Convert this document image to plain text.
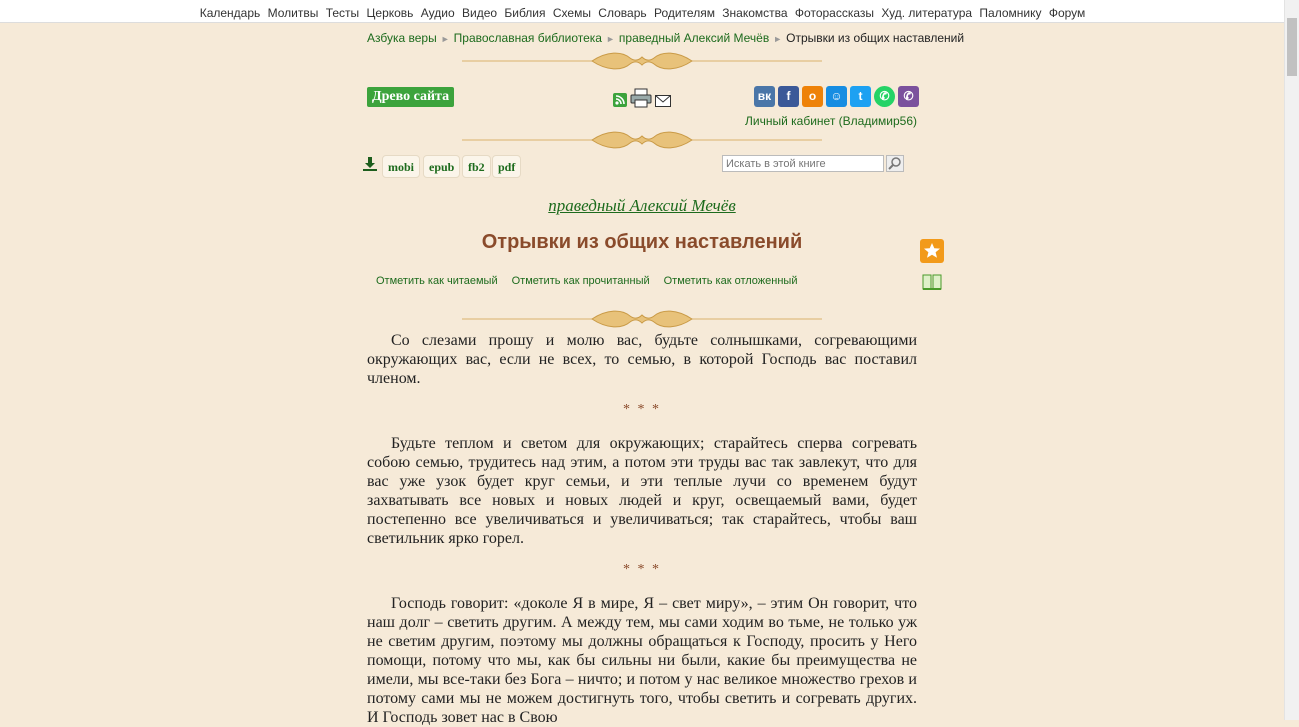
Календарь Молитвы Тесты Церковь Аудио Видео Библия Схемы Словарь Родителям Знакомства Фоторассказы Худ. литература Паломнику Форум
Азбука веры ► Православная библиотека ► праведный Алексий Мечёв ► Отрывки из общих наставлений
Древо сайта	вк	f	о	☺	t	✆	✆
Личный кабинет (Владимир56)
mobi	epub	fb2	pdf
Искать в этой книге
праведный Алексий Мечёв
Отрывки из общих наставлений
Отметить как читаемый Отметить как прочитанный Отметить как отложенный

Со слезами прошу и молю вас, будьте солнышками, согревающими окружающих вас, если не всех, то семью, в которой Господь вас поставил членом.

* * *

Будьте теплом и светом для окружающих; старайтесь сперва согревать собою семью, трудитесь над этим, а потом эти труды вас так завлекут, что для вас уже узок будет круг семьи, и эти теплые лучи со временем будут захватывать все новых и новых людей и круг, освещаемый вами, будет постепенно все увеличиваться и увеличиваться; так старайтесь, чтобы ваш светильник ярко горел.

* * *

Господь говорит: «доколе Я в мире, Я – свет миру», – этим Он говорит, что наш долг – светить другим. А между тем, мы сами ходим во тьме, не только уж не светим другим, поэтому мы должны обращаться к Господу, просить у Него помощи, потому что мы, как бы сильны ни были, какие бы преимущества не имели, мы все-таки без Бога – ничто; и потом у нас великое множество грехов и потому сами мы не можем достигнуть того, чтобы светить и согревать других. И Господь зовет нас в Свою
